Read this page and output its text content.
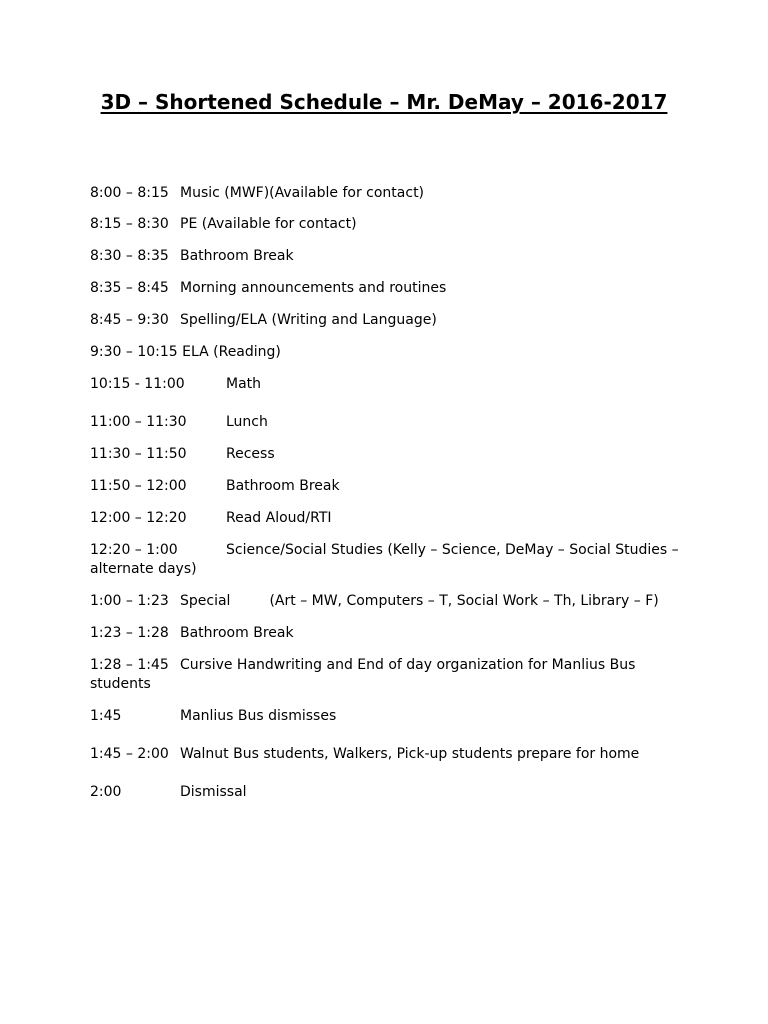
3D – Shortened Schedule – Mr. DeMay – 2016-2017
8:00 – 8:15 Music (MWF)(Available for contact)
8:15 – 8:30 PE (Available for contact)
8:30 – 8:35 Bathroom Break
8:35 – 8:45 Morning announcements and routines
8:45 – 9:30 Spelling/ELA (Writing and Language)
9:30 – 10:15 ELA (Reading)
10:15 - 11:00	Math
11:00 – 11:30	Lunch
11:30 – 11:50	Recess
11:50 – 12:00	Bathroom Break
12:00 – 12:20	Read Aloud/RTI
12:20 – 1:00	Science/Social Studies (Kelly – Science, DeMay – Social Studies – alternate days)
1:00 – 1:23 Special	(Art – MW, Computers – T, Social Work – Th, Library – F)
1:23 – 1:28 Bathroom Break
1:28 – 1:45 Cursive Handwriting and End of day organization for Manlius Bus students
1:45	Manlius Bus dismisses
1:45 – 2:00 Walnut Bus students, Walkers, Pick-up students prepare for home
2:00	Dismissal
